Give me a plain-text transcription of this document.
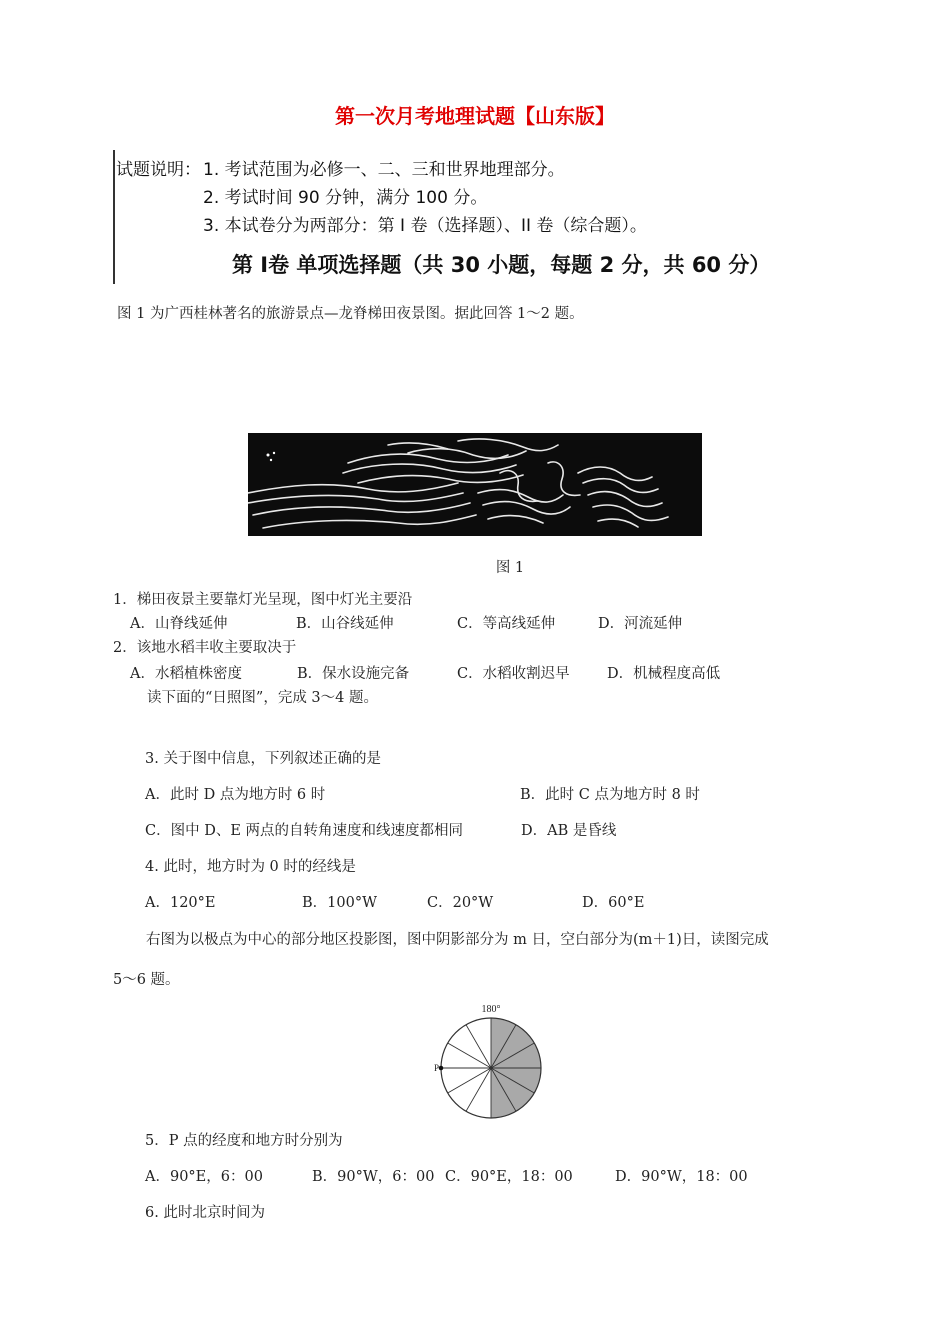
第一次月考地理试题【山东版】
试题说明： 1. 考试范围为必修一、二、三和世界地理部分。
2. 考试时间 90 分钟，满分 100 分。
3. 本试卷分为两部分：第 I 卷（选择题）、II 卷（综合题）。
第 I卷 单项选择题（共 30 小题，每题 2 分，共 60 分）
图 1 为广西桂林著名的旅游景点—龙脊梯田夜景图。据此回答 1～2 题。
图 1
1．梯田夜景主要靠灯光呈现，图中灯光主要沿
A．山脊线延伸	B．山谷线延伸	C．等高线延伸	D．河流延伸
2．该地水稻丰收主要取决于
A．水稻植株密度	B．保水设施完备	C．水稻收割迟早	D．机械程度高低
读下面的“日照图”，完成 3～4 题。
3. 关于图中信息，下列叙述正确的是
A．此时 D 点为地方时 6 时	B．此时 C 点为地方时 8 时
C．图中 D、E 两点的自转角速度和线速度都相同	D．AB 是昏线
4. 此时，地方时为 0 时的经线是
A．120°E	B．100°W	C．20°W	D．60°E
右图为以极点为中心的部分地区投影图，图中阴影部分为 m 日，空白部分为(m＋1)日，读图完成
5～6 题。
180°
P
5．P 点的经度和地方时分别为
A．90°E，6：00	B．90°W，6：00 C．90°E，18：00	D．90°W，18：00
6. 此时北京时间为
